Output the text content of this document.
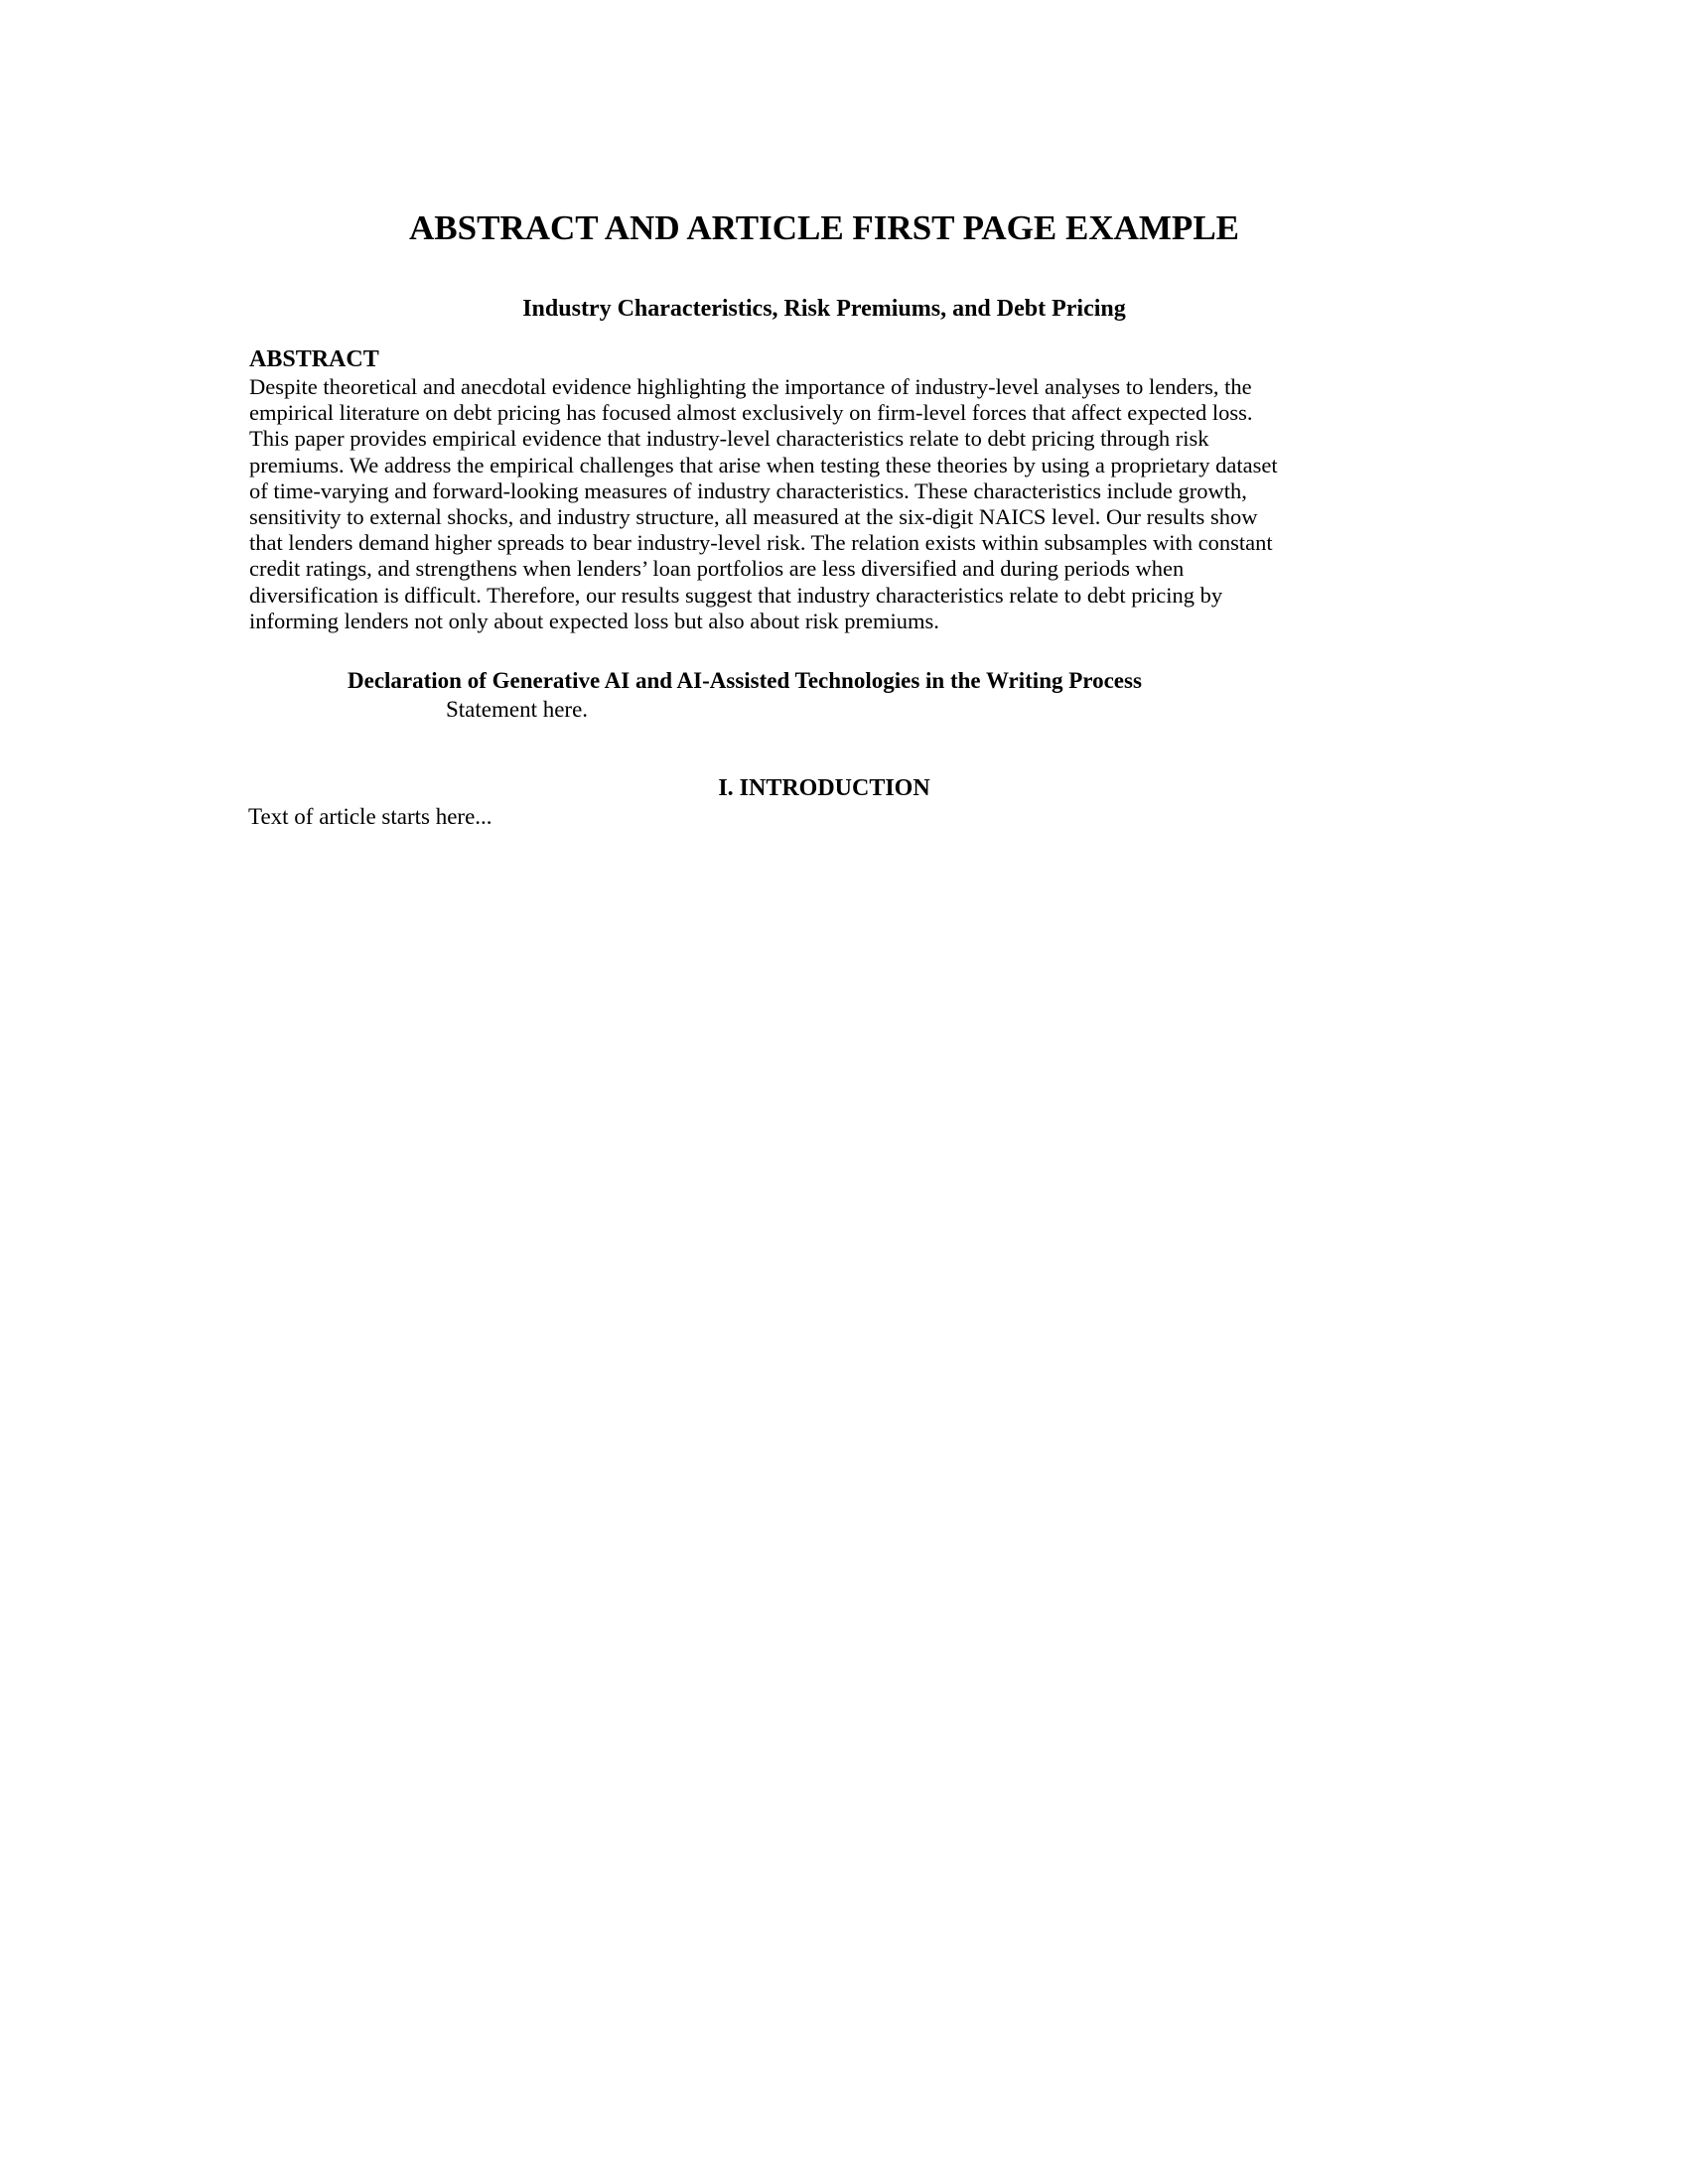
ABSTRACT AND ARTICLE FIRST PAGE EXAMPLE
Industry Characteristics, Risk Premiums, and Debt Pricing
ABSTRACT
Despite theoretical and anecdotal evidence highlighting the importance of industry-level analyses to lenders, the
empirical literature on debt pricing has focused almost exclusively on firm-level forces that affect expected loss.
This paper provides empirical evidence that industry-level characteristics relate to debt pricing through risk
premiums. We address the empirical challenges that arise when testing these theories by using a proprietary dataset
of time-varying and forward-looking measures of industry characteristics. These characteristics include growth,
sensitivity to external shocks, and industry structure, all measured at the six-digit NAICS level. Our results show
that lenders demand higher spreads to bear industry-level risk. The relation exists within subsamples with constant
credit ratings, and strengthens when lenders’ loan portfolios are less diversified and during periods when
diversification is difficult. Therefore, our results suggest that industry characteristics relate to debt pricing by
informing lenders not only about expected loss but also about risk premiums.
Declaration of Generative AI and AI-Assisted Technologies in the Writing Process

Statement here.

I. INTRODUCTION

Text of article starts here...
